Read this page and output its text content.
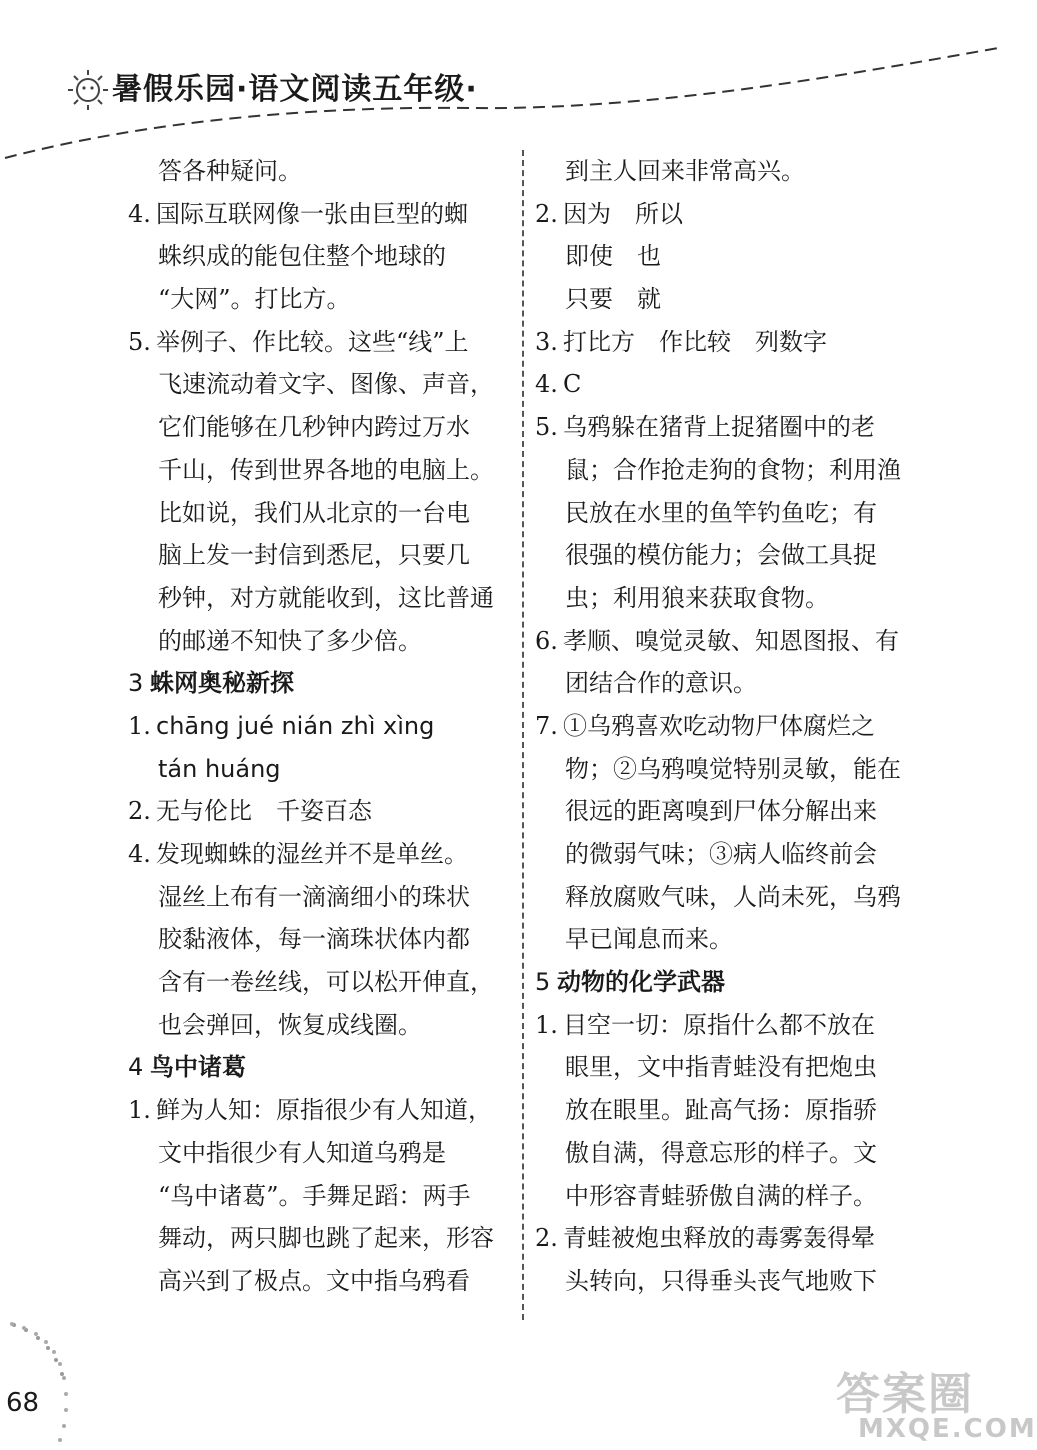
暑假乐园·语文阅读五年级·
答各种疑问。
4. 国际互联网像一张由巨型的蜘
蛛织成的能包住整个地球的
“大网”。打比方。
5. 举例子、作比较。这些“线”上
飞速流动着文字、图像、声音，
它们能够在几秒钟内跨过万水
千山，传到世界各地的电脑上。
比如说，我们从北京的一台电
脑上发一封信到悉尼，只要几
秒钟，对方就能收到，这比普通
的邮递不知快了多少倍。
3 蛛网奥秘新探
1. chāng jué nián zhì xìng
tán huáng
2. 无与伦比　千姿百态
4. 发现蜘蛛的湿丝并不是单丝。
湿丝上布有一滴滴细小的珠状
胶黏液体，每一滴珠状体内都
含有一卷丝线，可以松开伸直，
也会弹回，恢复成线圈。
4 鸟中诸葛
1. 鲜为人知：原指很少有人知道，
文中指很少有人知道乌鸦是
“鸟中诸葛”。手舞足蹈：两手
舞动，两只脚也跳了起来，形容
高兴到了极点。文中指乌鸦看
到主人回来非常高兴。
2. 因为　所以
即使　也
只要　就
3. 打比方　作比较　列数字
4. C
5. 乌鸦躲在猪背上捉猪圈中的老
鼠；合作抢走狗的食物；利用渔
民放在水里的鱼竿钓鱼吃；有
很强的模仿能力；会做工具捉
虫；利用狼来获取食物。
6. 孝顺、嗅觉灵敏、知恩图报、有
团结合作的意识。
7. ①乌鸦喜欢吃动物尸体腐烂之
物；②乌鸦嗅觉特别灵敏，能在
很远的距离嗅到尸体分解出来
的微弱气味；③病人临终前会
释放腐败气味，人尚未死，乌鸦
早已闻息而来。
5 动物的化学武器
1. 目空一切：原指什么都不放在
眼里，文中指青蛙没有把炮虫
放在眼里。趾高气扬：原指骄
傲自满，得意忘形的样子。文
中形容青蛙骄傲自满的样子。
2. 青蛙被炮虫释放的毒雾轰得晕
头转向，只得垂头丧气地败下
68	答案圈
MXQE.COM
